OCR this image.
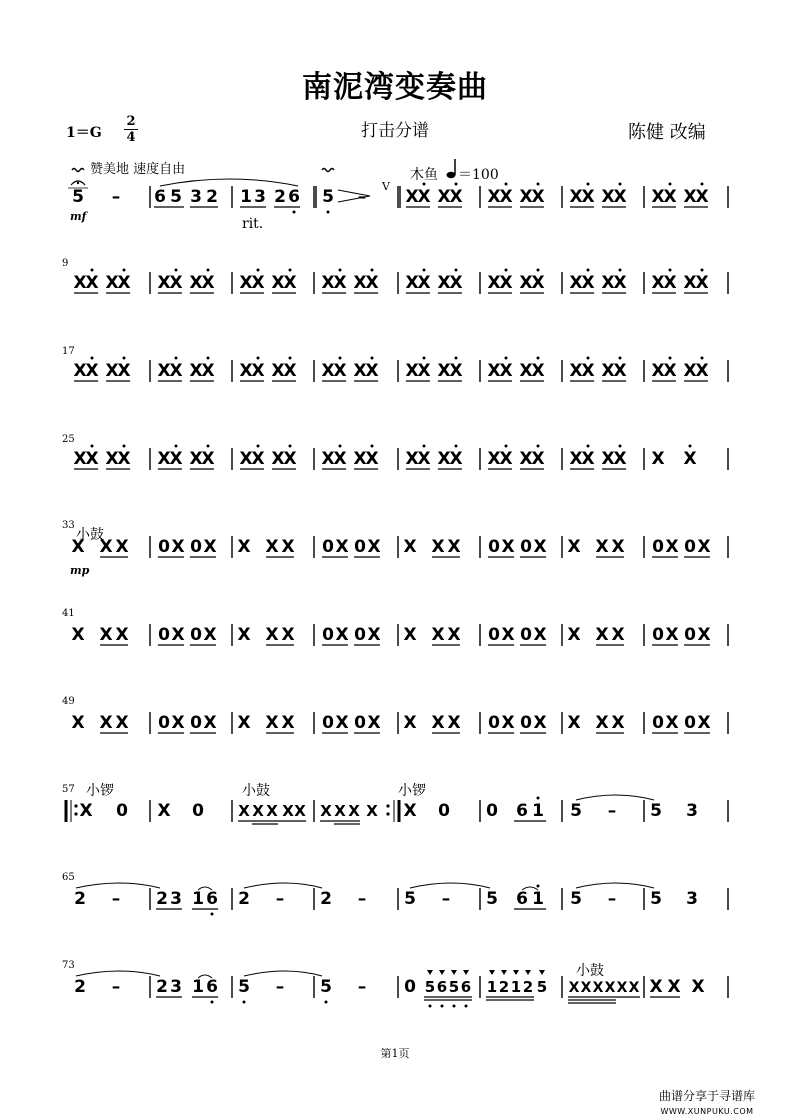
南泥湾变奏曲
打击分谱	陈健 改编
$1=G \frac{2}{4}$
赞美地 速度自由	木鱼 ＝100
rit.
小鼓
小锣	小鼓	小锣
小鼓
mf
mp
9
17
25
33
41
49
57
65
73
5 – 6 5 3 2 1 3 2 6 5 –
V
X
X X
X X
X X
X X
X X
X X
X X
X
X
X X
X X
X X
X X
X X
X X
X X
X X
X X
X X
X X
X X
X X
X X
X X
X
X
X X
X X
X X
X X
X X
X X
X X
X X
X X
X X
X X
X X
X X
X X
X X
X
X
X X
X X
X X
X X
X X
X X
X X
X X
X X
X X
X X
X X
X X
X X X
X X X 0 X 0 X X X X 0 X 0 X X X X 0 X 0 X X X X 0 X 0 X
X X X 0 X 0 X X X X 0 X 0 X X X X 0 X 0 X X X X 0 X 0 X
X X X 0 X 0 X X X X 0 X 0 X X X X 0 X 0 X X X X 0 X 0 X
X 0 X 0 X X X X X X X X X X 0 0 6 1 5 – 5 3
2 – 2 3 1 6 2 – 2 – 5 – 5 6 1 5 – 5 3
2 – 2 3 1 6 5 – 5 – 0 5 6 5 6 1 2 1 2 5 X X X X X X X X X
第1页
曲谱分享于寻谱库
WWW.XUNPUKU.COM
